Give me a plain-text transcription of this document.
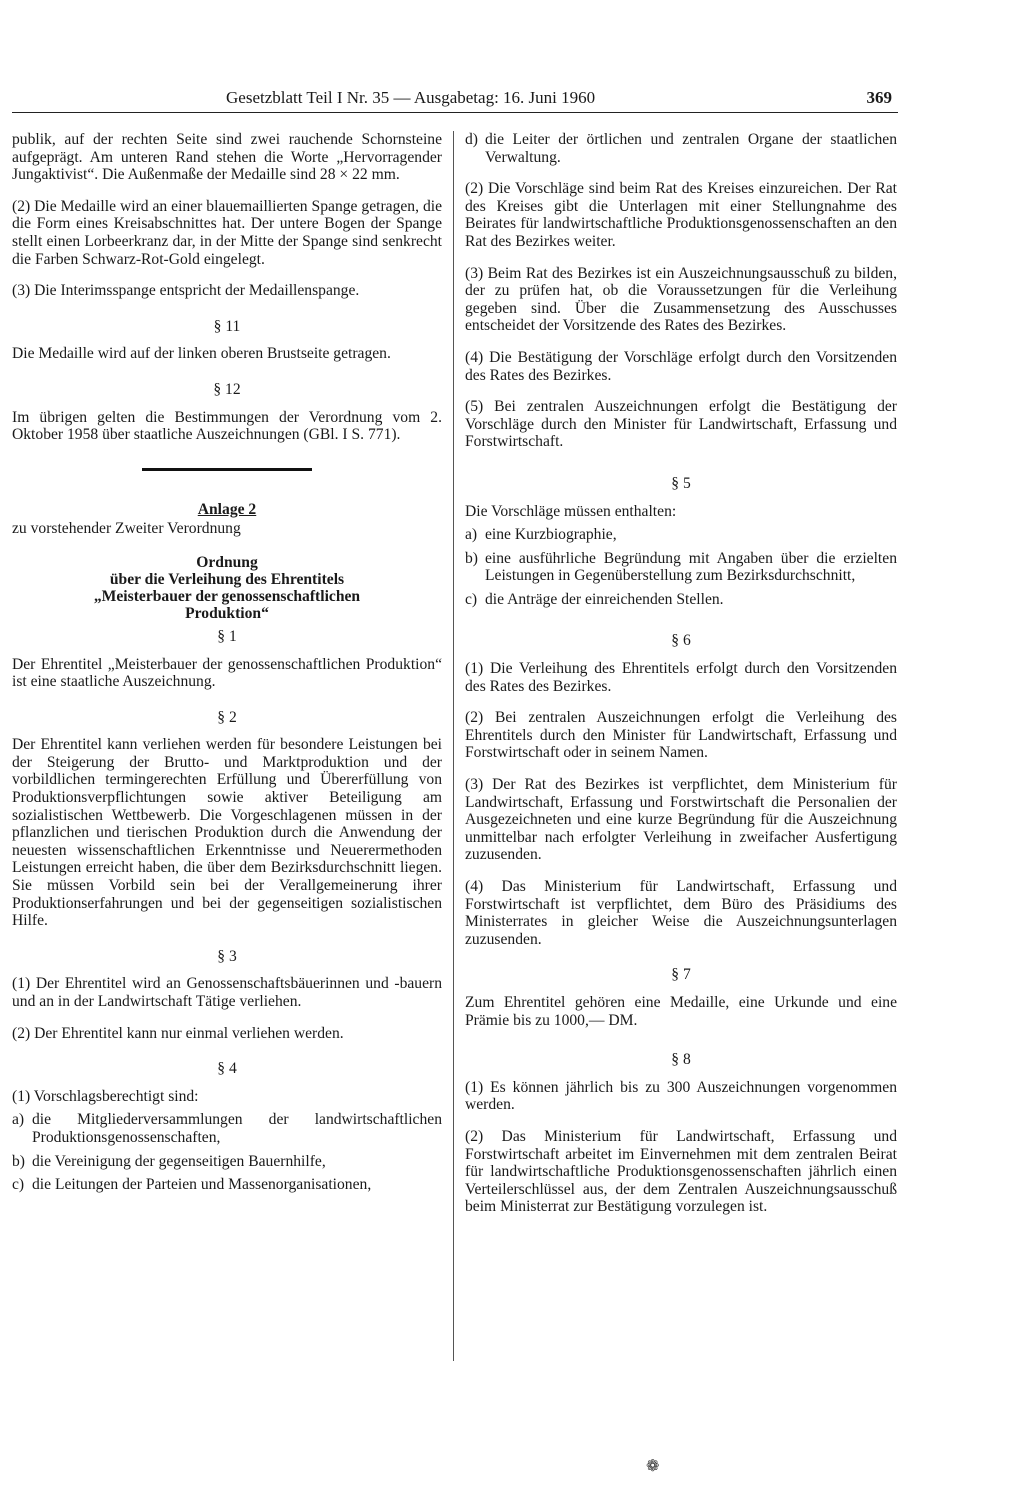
Gesetzblatt Teil I Nr. 35 — Ausgabetag: 16. Juni 1960	369

publik, auf der rechten Seite sind zwei rauchende Schornsteine aufgeprägt. Am unteren Rand stehen die Worte „Hervorragender Jungaktivist“. Die Außenmaße der Medaille sind 28 × 22 mm.

(2) Die Medaille wird an einer blauemaillierten Spange getragen, die die Form eines Kreisabschnittes hat. Der untere Bogen der Spange stellt einen Lorbeerkranz dar, in der Mitte der Spange sind senkrecht die Farben Schwarz-Rot-Gold eingelegt.

(3) Die Interimsspange entspricht der Medaillenspange.

§ 11

Die Medaille wird auf der linken oberen Brustseite getragen.

§ 12

Im übrigen gelten die Bestimmungen der Verordnung vom 2. Oktober 1958 über staatliche Auszeichnungen (GBl. I S. 771).

Anlage 2
zu vorstehender Zweiter Verordnung
Ordnung
über die Verleihung des Ehrentitels
„Meisterbauer der genossenschaftlichen
Produktion“
§ 1

Der Ehrentitel „Meisterbauer der genossenschaftlichen Produktion“ ist eine staatliche Auszeichnung.

§ 2

Der Ehrentitel kann verliehen werden für besondere Leistungen bei der Steigerung der Brutto- und Marktproduktion und der vorbildlichen termingerechten Erfüllung und Übererfüllung von Produktionsverpflichtungen sowie aktiver Beteiligung am sozialistischen Wettbewerb. Die Vorgeschlagenen müssen in der pflanzlichen und tierischen Produktion durch die Anwendung der neuesten wissenschaftlichen Erkenntnisse und Neuerermethoden Leistungen erreicht haben, die über dem Bezirksdurchschnitt liegen. Sie müssen Vorbild sein bei der Verallgemeinerung ihrer Produktionserfahrungen und bei der gegenseitigen sozialistischen Hilfe.

§ 3

(1) Der Ehrentitel wird an Genossenschaftsbäuerinnen und -bauern und an in der Landwirtschaft Tätige verliehen.

(2) Der Ehrentitel kann nur einmal verliehen werden.

§ 4

(1) Vorschlagsberechtigt sind:

a) die Mitgliederversammlungen der landwirtschaftlichen Produktionsgenossenschaften,
b) die Vereinigung der gegenseitigen Bauernhilfe,
c) die Leitungen der Parteien und Massenorganisationen,
d) die Leiter der örtlichen und zentralen Organe der staatlichen Verwaltung.

(2) Die Vorschläge sind beim Rat des Kreises einzureichen. Der Rat des Kreises gibt die Unterlagen mit einer Stellungnahme des Beirates für landwirtschaftliche Produktionsgenossenschaften an den Rat des Bezirkes weiter.

(3) Beim Rat des Bezirkes ist ein Auszeichnungsausschuß zu bilden, der zu prüfen hat, ob die Voraussetzungen für die Verleihung gegeben sind. Über die Zusammensetzung des Ausschusses entscheidet der Vorsitzende des Rates des Bezirkes.

(4) Die Bestätigung der Vorschläge erfolgt durch den Vorsitzenden des Rates des Bezirkes.

(5) Bei zentralen Auszeichnungen erfolgt die Bestätigung der Vorschläge durch den Minister für Landwirtschaft, Erfassung und Forstwirtschaft.

§ 5

Die Vorschläge müssen enthalten:

a) eine Kurzbiographie,
b) eine ausführliche Begründung mit Angaben über die erzielten Leistungen in Gegenüberstellung zum Bezirksdurchschnitt,
c) die Anträge der einreichenden Stellen.
§ 6

(1) Die Verleihung des Ehrentitels erfolgt durch den Vorsitzenden des Rates des Bezirkes.

(2) Bei zentralen Auszeichnungen erfolgt die Verleihung des Ehrentitels durch den Minister für Landwirtschaft, Erfassung und Forstwirtschaft oder in seinem Namen.

(3) Der Rat des Bezirkes ist verpflichtet, dem Ministerium für Landwirtschaft, Erfassung und Forstwirtschaft die Personalien der Ausgezeichneten und eine kurze Begründung für die Auszeichnung unmittelbar nach erfolgter Verleihung in zweifacher Ausfertigung zuzusenden.

(4) Das Ministerium für Landwirtschaft, Erfassung und Forstwirtschaft ist verpflichtet, dem Büro des Präsidiums des Ministerrates in gleicher Weise die Auszeichnungsunterlagen zuzusenden.

§ 7

Zum Ehrentitel gehören eine Medaille, eine Urkunde und eine Prämie bis zu 1000,— DM.

§ 8

(1) Es können jährlich bis zu 300 Auszeichnungen vorgenommen werden.

(2) Das Ministerium für Landwirtschaft, Erfassung und Forstwirtschaft arbeitet im Einvernehmen mit dem zentralen Beirat für landwirtschaftliche Produktionsgenossenschaften jährlich einen Verteilerschlüssel aus, der dem Zentralen Auszeichnungsausschuß beim Ministerrat zur Bestätigung vorzulegen ist.

❁
